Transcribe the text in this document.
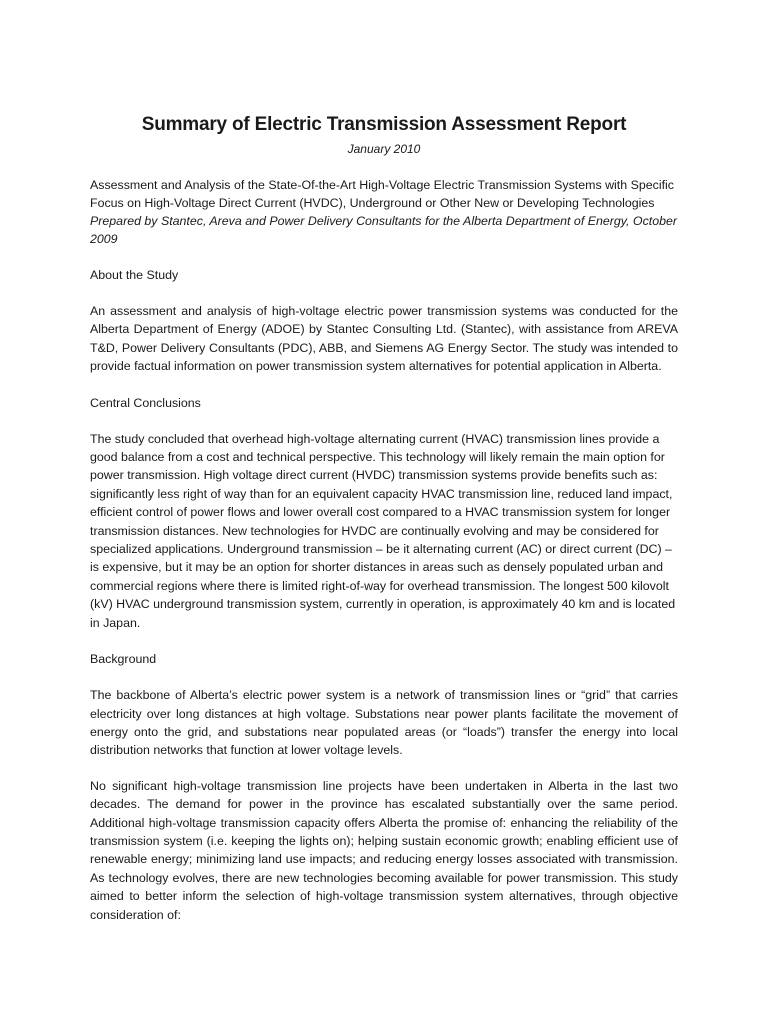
Summary of Electric Transmission Assessment Report
January 2010
Assessment and Analysis of the State-Of-the-Art High-Voltage Electric Transmission Systems with Specific Focus on High-Voltage Direct Current (HVDC), Underground or Other New or Developing Technologies
Prepared by Stantec, Areva and Power Delivery Consultants for the Alberta Department of Energy, October 2009
About the Study

An assessment and analysis of high-voltage electric power transmission systems was conducted for the Alberta Department of Energy (ADOE) by Stantec Consulting Ltd. (Stantec), with assistance from AREVA T&D, Power Delivery Consultants (PDC), ABB, and Siemens AG Energy Sector. The study was intended to provide factual information on power transmission system alternatives for potential application in Alberta.

Central Conclusions

The study concluded that overhead high-voltage alternating current (HVAC) transmission lines provide a good balance from a cost and technical perspective. This technology will likely remain the main option for power transmission. High voltage direct current (HVDC) transmission systems provide benefits such as: significantly less right of way than for an equivalent capacity HVAC transmission line, reduced land impact, efficient control of power flows and lower overall cost compared to a HVAC transmission system for longer transmission distances. New technologies for HVDC are continually evolving and may be considered for specialized applications. Underground transmission – be it alternating current (AC) or direct current (DC) – is expensive, but it may be an option for shorter distances in areas such as densely populated urban and commercial regions where there is limited right-of-way for overhead transmission. The longest 500 kilovolt (kV) HVAC underground transmission system, currently in operation, is approximately 40 km and is located in Japan.

Background

The backbone of Alberta’s electric power system is a network of transmission lines or “grid” that carries electricity over long distances at high voltage. Substations near power plants facilitate the movement of energy onto the grid, and substations near populated areas (or “loads”) transfer the energy into local distribution networks that function at lower voltage levels.

No significant high-voltage transmission line projects have been undertaken in Alberta in the last two decades. The demand for power in the province has escalated substantially over the same period. Additional high-voltage transmission capacity offers Alberta the promise of: enhancing the reliability of the transmission system (i.e. keeping the lights on); helping sustain economic growth; enabling efficient use of renewable energy; minimizing land use impacts; and reducing energy losses associated with transmission. As technology evolves, there are new technologies becoming available for power transmission. This study aimed to better inform the selection of high-voltage transmission system alternatives, through objective consideration of:
